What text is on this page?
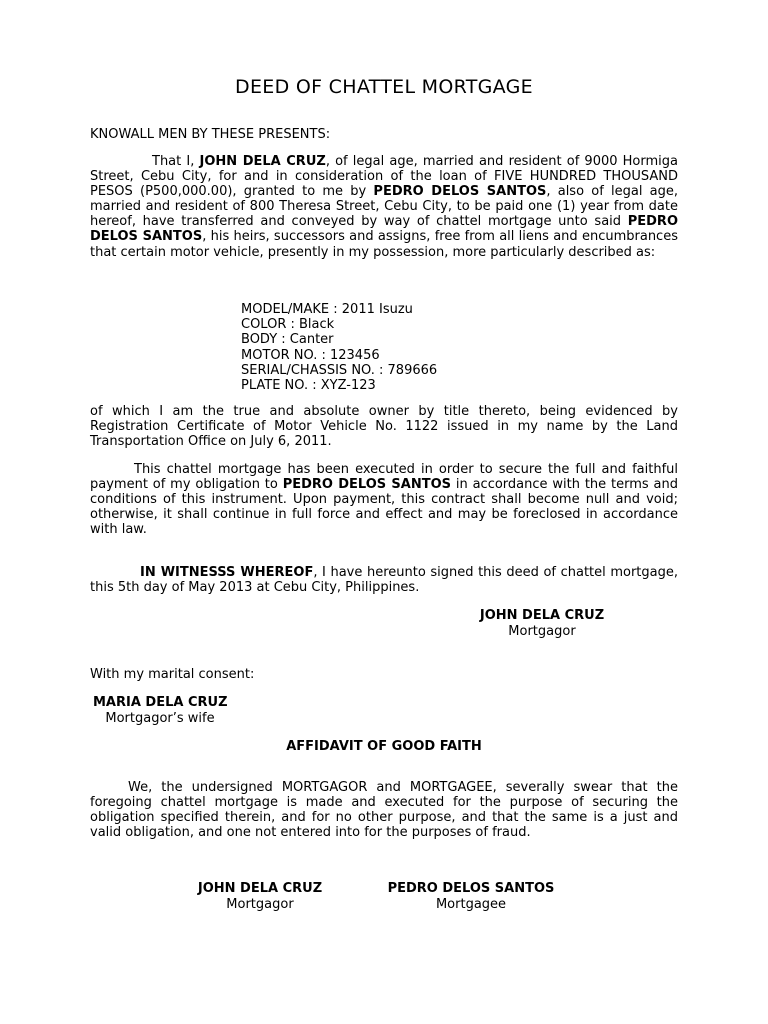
DEED OF CHATTEL MORTGAGE
KNOWALL MEN BY THESE PRESENTS:
That I, JOHN DELA CRUZ, of legal age, married and resident of 9000 Hormiga Street, Cebu City, for and in consideration of the loan of FIVE HUNDRED THOUSAND PESOS (P500,000.00), granted to me by PEDRO DELOS SANTOS, also of legal age, married and resident of 800 Theresa Street, Cebu City, to be paid one (1) year from date hereof, have transferred and conveyed by way of chattel mortgage unto said PEDRO DELOS SANTOS, his heirs, successors and assigns, free from all liens and encumbrances that certain motor vehicle, presently in my possession, more particularly described as:
MODEL/MAKE : 2011 Isuzu
COLOR : Black
BODY : Canter
MOTOR NO. : 123456
SERIAL/CHASSIS NO. : 789666
PLATE NO. : XYZ-123
of which I am the true and absolute owner by title thereto, being evidenced by Registration Certificate of Motor Vehicle No. 1122 issued in my name by the Land Transportation Office on July 6, 2011.
This chattel mortgage has been executed in order to secure the full and faithful payment of my obligation to PEDRO DELOS SANTOS in accordance with the terms and conditions of this instrument. Upon payment, this contract shall become null and void; otherwise, it shall continue in full force and effect and may be foreclosed in accordance with law.
IN WITNESSS WHEREOF, I have hereunto signed this deed of chattel mortgage, this 5th day of May 2013 at Cebu City, Philippines.
JOHN DELA CRUZ
Mortgagor
With my marital consent:
MARIA DELA CRUZ
Mortgagor’s wife
AFFIDAVIT OF GOOD FAITH
We, the undersigned MORTGAGOR and MORTGAGEE, severally swear that the foregoing chattel mortgage is made and executed for the purpose of securing the obligation specified therein, and for no other purpose, and that the same is a just and valid obligation, and one not entered into for the purposes of fraud.
JOHN DELA CRUZ
Mortgagor
PEDRO DELOS SANTOS
Mortgagee
